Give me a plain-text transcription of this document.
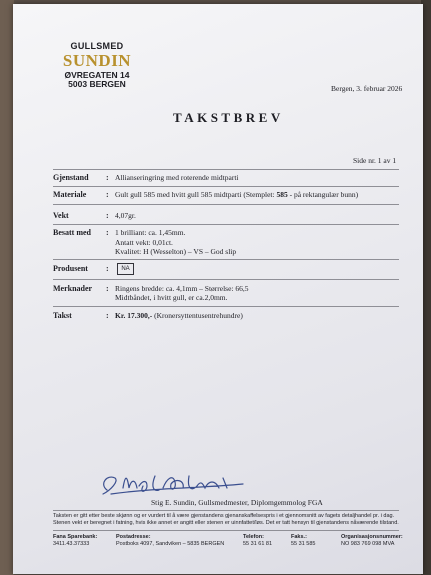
GULLSMED
SUNDIN
ØVREGATEN 14
5003 BERGEN	Bergen, 3. februar 2026
TAKSTBREV
Side nr. 1 av 1
Gjenstand : Allianseringring med roterende midtparti
Materiale : Gult gull 585 med hvitt gull 585 midtparti (Stemplet: 585 - på rektangulær bunn)
Vekt	: 4,07gr.
Besatt med : 1 brilliant: ca. 1,45mm.
Antatt vekt: 0,01ct.
Kvalitet: H (Wesselton) – VS – God slip
Produsent :	NA
Merknader : Ringens bredde: ca. 4,1mm – Størrelse: 66,5
Midtbåndet, i hvitt gull, er ca.2,0mm.
Takst	: Kr. 17.300,- (Kronersyttentusentrehundre)
Stig E. Sundin, Gullsmedmester, Diplomgemmolog FGA
Taksten er gitt etter beste skjønn og er vurdert til å være gjenstandens gjenanskaffelsespris i et gjennomsnitt av fagets detaljhandel pr. i dag.
Stenen vekt er beregnet i fatning, hvis ikke annet er angitt eller stenen er uinnfattet/løs. Det er tatt hensyn til gjenstandens nåværende tilstand.
Fana Sparebank:
3411.43.37333
Postadresse:
Postboks 4097, Sandviken – 5835 BERGEN
Telefon:
55 31 61 81
Faks.:
55 31 585
Organisasjonsnummer:
NO 983 769 098 MVA
